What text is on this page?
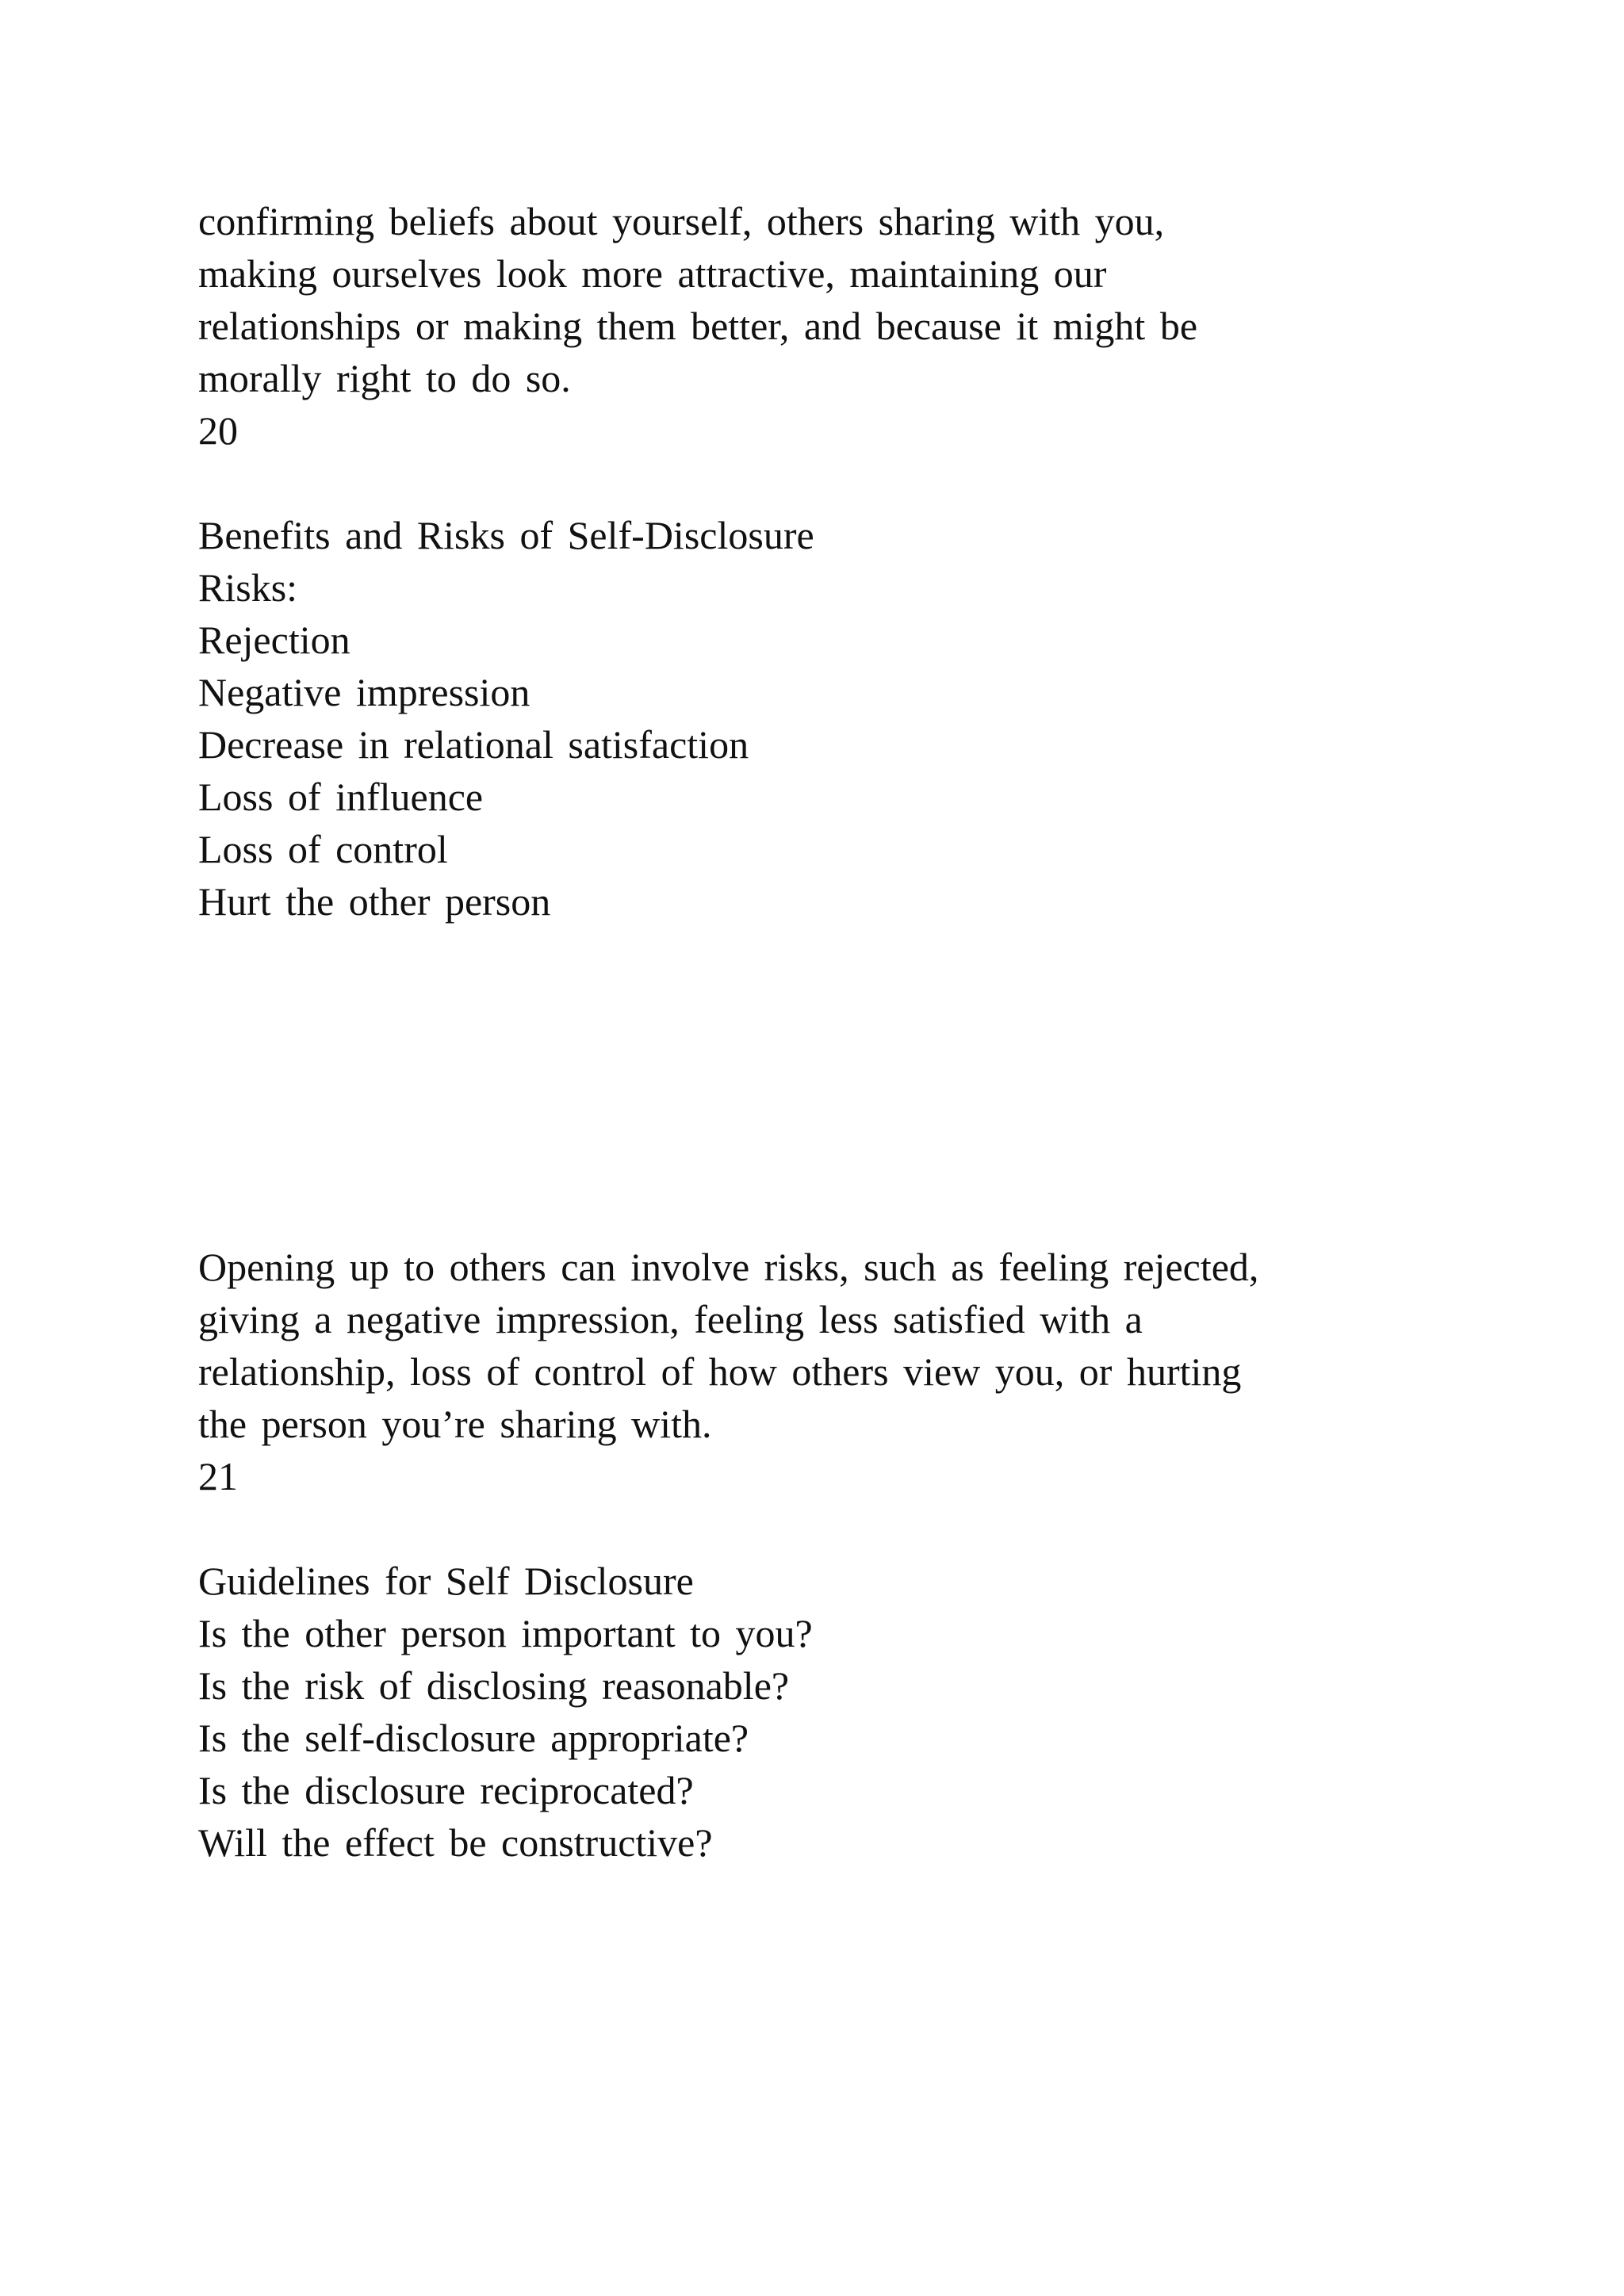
confirming beliefs about yourself, others sharing with you,

making ourselves look more attractive, maintaining our

relationships or making them better, and because it might be

morally right to do so.

20

Benefits and Risks of Self-Disclosure

Risks:

Rejection

Negative impression

Decrease in relational satisfaction

Loss of influence

Loss of control

Hurt the other person

Opening up to others can involve risks, such as feeling rejected,

giving a negative impression, feeling less satisfied with a

relationship, loss of control of how others view you, or hurting

the person you’re sharing with.

21

Guidelines for Self Disclosure

Is the other person important to you?

Is the risk of disclosing reasonable?

Is the self-disclosure appropriate?

Is the disclosure reciprocated?

Will the effect be constructive?
